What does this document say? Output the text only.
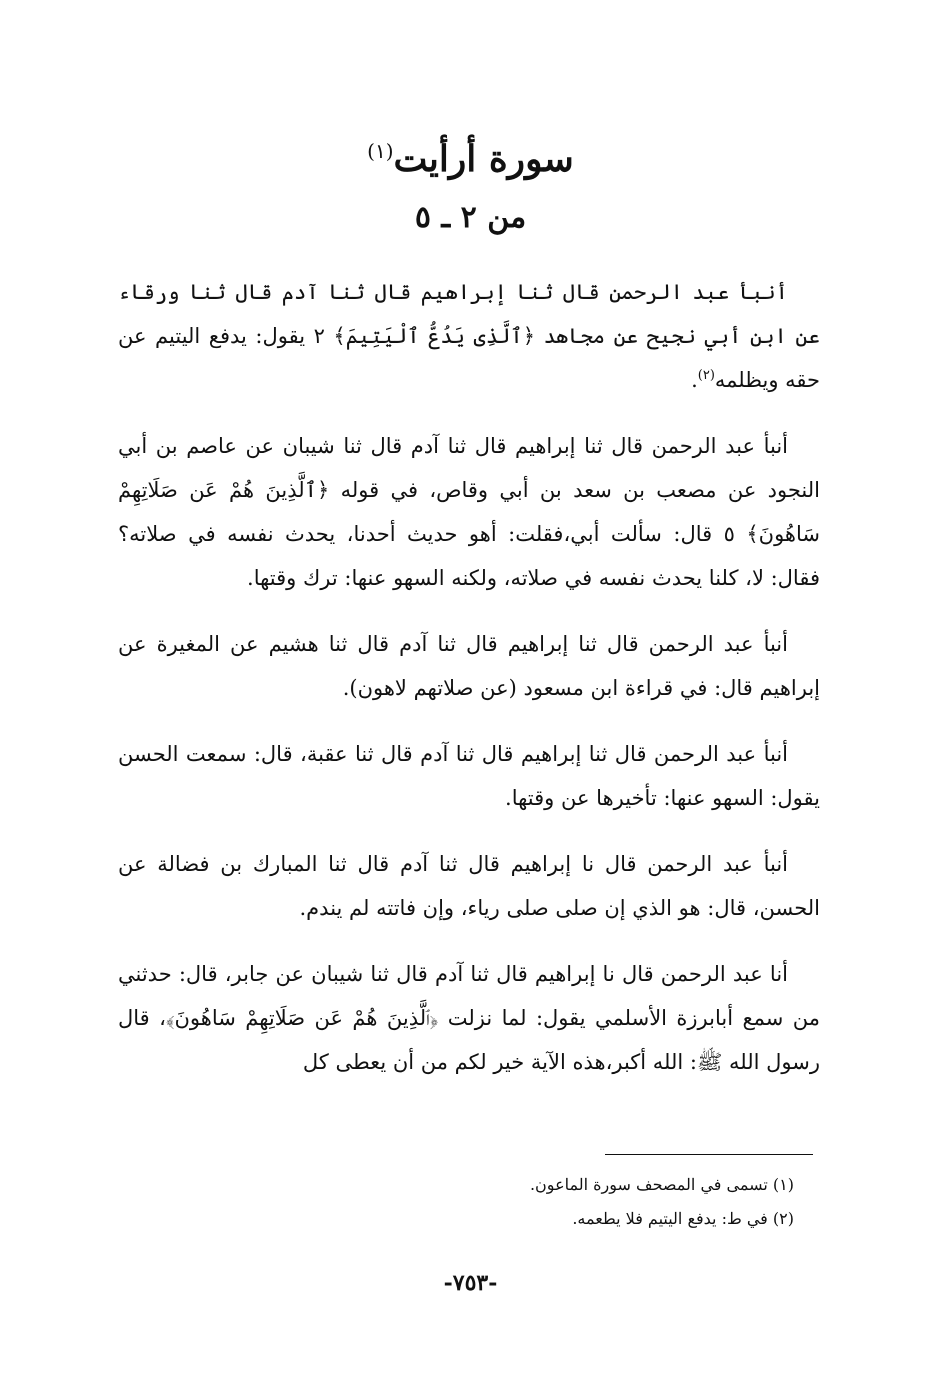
سورة أرأيت$^{(١)}$
من ٢ ـ ٥

أنبأ عبد الرحمن قال ثنا إبراهيم قال ثنا آدم قال ثنا ورقاء عن ابن أبي نجيح عن مجاهد ﴿ٱلَّذِى يَدُعُّ ٱلْيَتِيمَ﴾ ٢ يقول: يدفع اليتيم عن حقه ويظلمه$^{(٢)}$.

أنبأ عبد الرحمن قال ثنا إبراهيم قال ثنا آدم قال ثنا شيبان عن عاصم بن أبي النجود عن مصعب بن سعد بن أبي وقاص، في قوله ﴿ٱلَّذِينَ هُمْ عَن صَلَاتِهِمْ سَاهُونَ﴾ ٥ قال: سألت أبي،فقلت: أهو حديث أحدنا، يحدث نفسه في صلاته؟ فقال: لا، كلنا يحدث نفسه في صلاته، ولكنه السهو عنها: ترك وقتها.

أنبأ عبد الرحمن قال ثنا إبراهيم قال ثنا آدم قال ثنا هشيم عن المغيرة عن إبراهيم قال: في قراءة ابن مسعود (عن صلاتهم لاهون).

أنبأ عبد الرحمن قال ثنا إبراهيم قال ثنا آدم قال ثنا عقبة، قال: سمعت الحسن يقول: السهو عنها: تأخيرها عن وقتها.

أنبأ عبد الرحمن قال نا إبراهيم قال ثنا آدم قال ثنا المبارك بن فضالة عن الحسن، قال: هو الذي إن صلى صلى رياء، وإن فاتته لم يندم.

أنا عبد الرحمن قال نا إبراهيم قال ثنا آدم قال ثنا شيبان عن جابر، قال: حدثني من سمع أبابرزة الأسلمي يقول: لما نزلت ﴿ٱلَّذِينَ هُمْ عَن صَلَاتِهِمْ سَاهُونَ﴾، قال رسول الله ﷺ: الله أكبر،هذه الآية خير لكم من أن يعطى كل

(١) تسمى في المصحف سورة الماعون.

(٢) في ط: يدفع اليتيم فلا يطعمه.

-٧٥٣-
